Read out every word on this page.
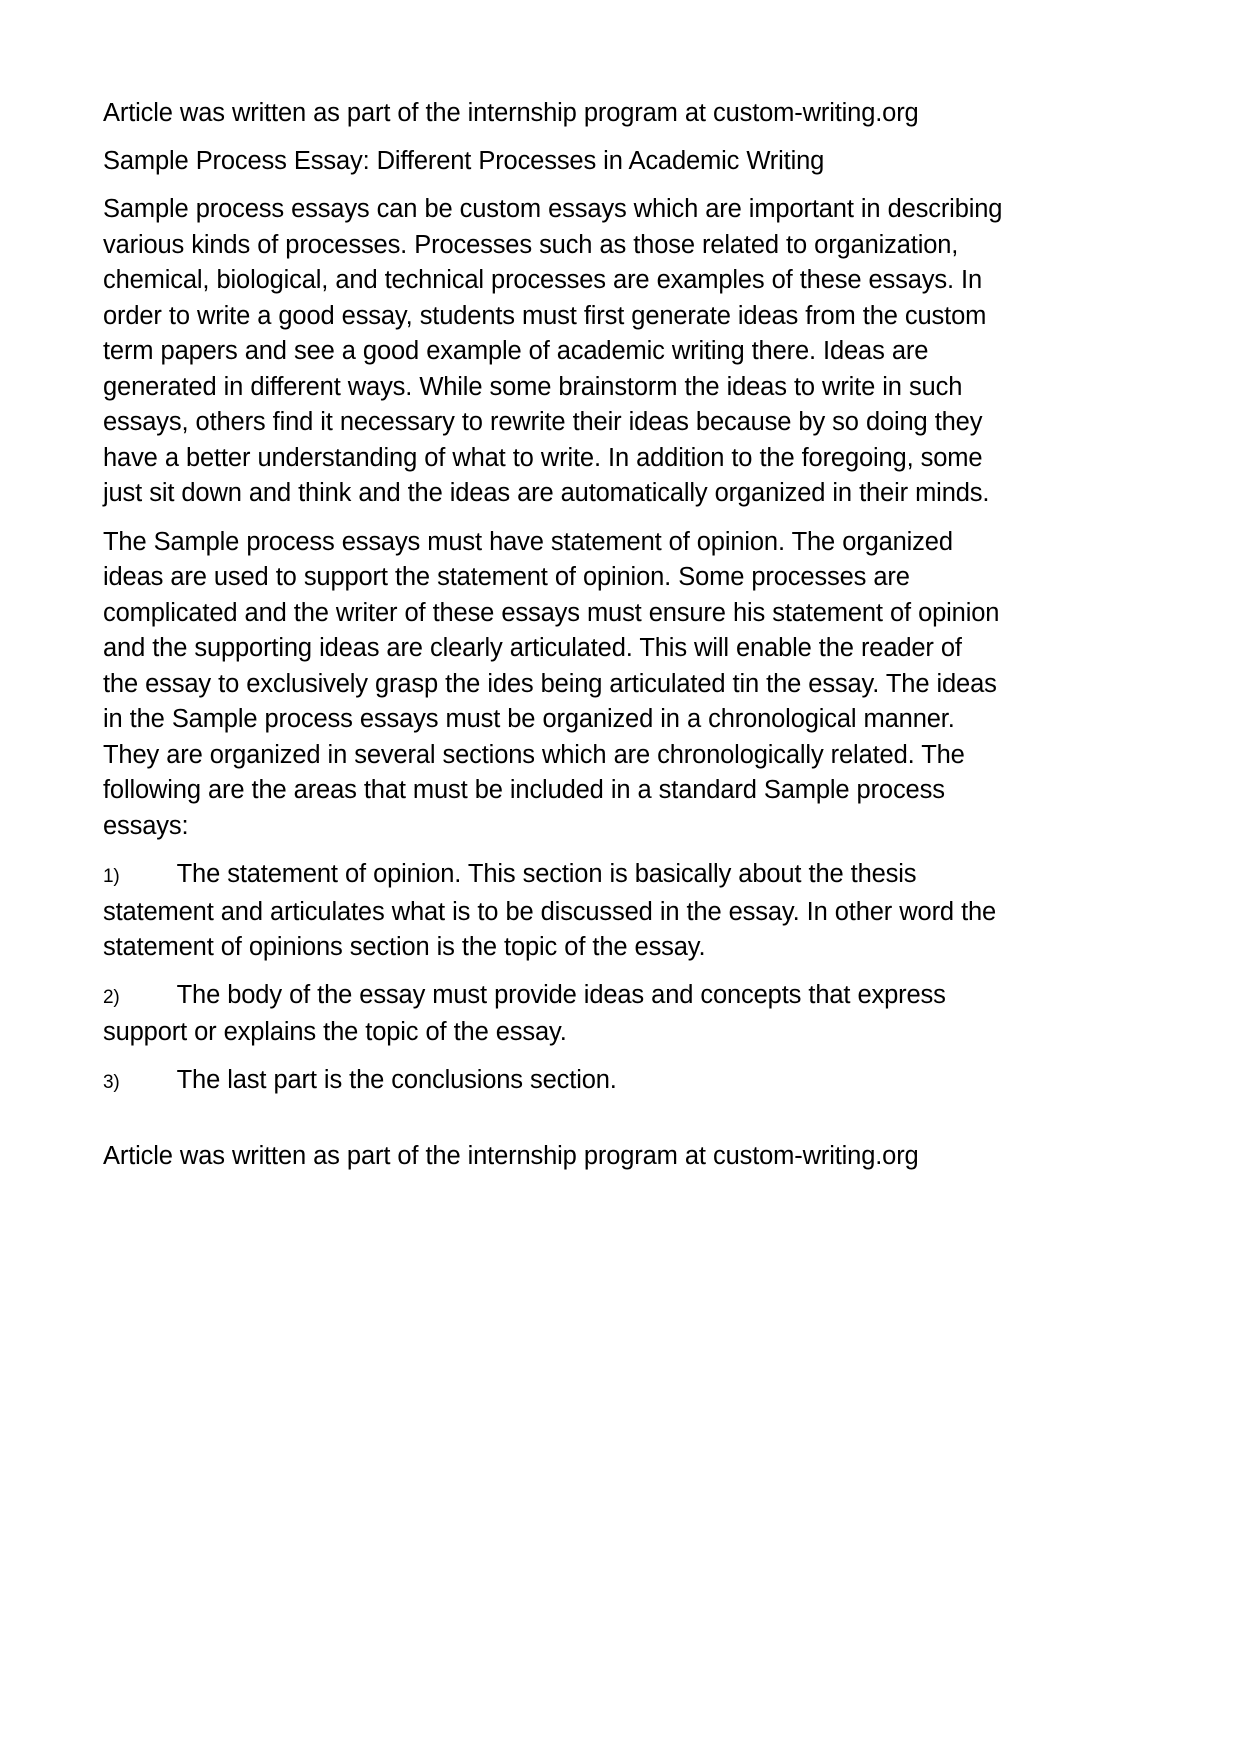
Article was written as part of the internship program at custom-writing.org

Sample Process Essay: Different Processes in Academic Writing

Sample process essays can be custom essays which are important in describing various kinds of processes. Processes such as those related to organization, chemical, biological, and technical processes are examples of these essays. In order to write a good essay, students must first generate ideas from the custom term papers and see a good example of academic writing there. Ideas are generated in different ways. While some brainstorm the ideas to write in such essays, others find it necessary to rewrite their ideas because by so doing they have a better understanding of what to write. In addition to the foregoing, some just sit down and think and the ideas are automatically organized in their minds.

The Sample process essays must have statement of opinion. The organized ideas are used to support the statement of opinion. Some processes are complicated and the writer of these essays must ensure his statement of opinion and the supporting ideas are clearly articulated. This will enable the reader of the essay to exclusively grasp the ides being articulated tin the essay. The ideas in the Sample process essays must be organized in a chronological manner. They are organized in several sections which are chronologically related. The following are the areas that must be included in a standard Sample process essays:

1) The statement of opinion. This section is basically about the thesis statement and articulates what is to be discussed in the essay. In other word the statement of opinions section is the topic of the essay.

2) The body of the essay must provide ideas and concepts that express support or explains the topic of the essay.

3) The last part is the conclusions section.

Article was written as part of the internship program at custom-writing.org
